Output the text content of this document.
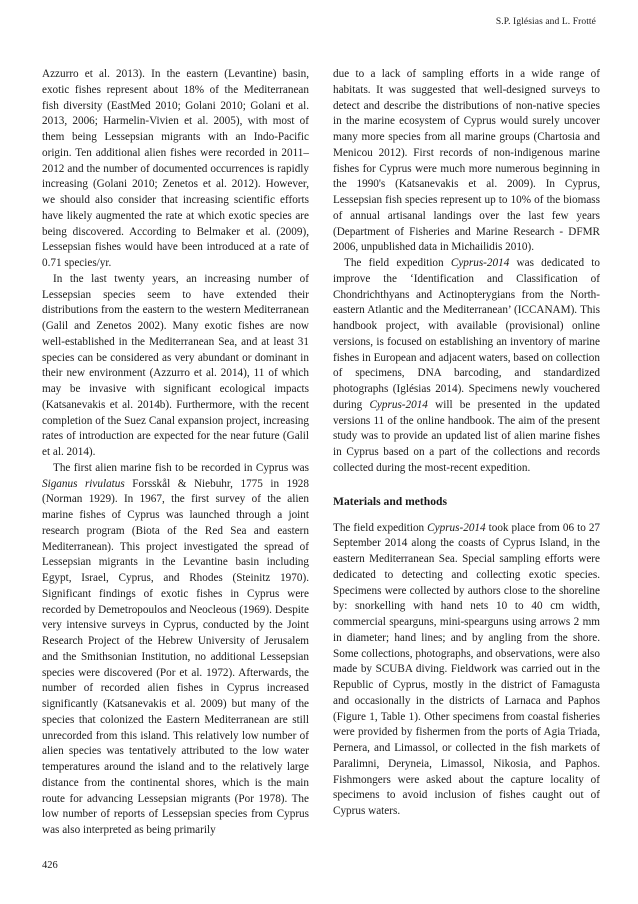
S.P. Iglésias and L. Frotté

Azzurro et al. 2013). In the eastern (Levantine) basin, exotic fishes represent about 18% of the Mediterranean fish diversity (EastMed 2010; Golani 2010; Golani et al. 2013, 2006; Harmelin-Vivien et al. 2005), with most of them being Lessepsian migrants with an Indo-Pacific origin. Ten additional alien fishes were recorded in 2011–2012 and the number of documented occurrences is rapidly increasing (Golani 2010; Zenetos et al. 2012). However, we should also consider that increasing scientific efforts have likely augmented the rate at which exotic species are being discovered. According to Belmaker et al. (2009), Lessepsian fishes would have been introduced at a rate of 0.71 species/yr.

In the last twenty years, an increasing number of Lessepsian species seem to have extended their distributions from the eastern to the western Mediterranean (Galil and Zenetos 2002). Many exotic fishes are now well-established in the Mediterranean Sea, and at least 31 species can be considered as very abundant or dominant in their new environment (Azzurro et al. 2014), 11 of which may be invasive with significant ecological impacts (Katsanevakis et al. 2014b). Furthermore, with the recent completion of the Suez Canal expansion project, increasing rates of introduction are expected for the near future (Galil et al. 2014).

The first alien marine fish to be recorded in Cyprus was Siganus rivulatus Forsskål & Niebuhr, 1775 in 1928 (Norman 1929). In 1967, the first survey of the alien marine fishes of Cyprus was launched through a joint research program (Biota of the Red Sea and eastern Mediterranean). This project investigated the spread of Lessepsian migrants in the Levantine basin including Egypt, Israel, Cyprus, and Rhodes (Steinitz 1970). Significant findings of exotic fishes in Cyprus were recorded by Demetropoulos and Neocleous (1969). Despite very intensive surveys in Cyprus, conducted by the Joint Research Project of the Hebrew University of Jerusalem and the Smithsonian Institution, no additional Lessepsian species were discovered (Por et al. 1972). Afterwards, the number of recorded alien fishes in Cyprus increased significantly (Katsanevakis et al. 2009) but many of the species that colonized the Eastern Mediterranean are still unrecorded from this island. This relatively low number of alien species was tentatively attributed to the low water temperatures around the island and to the relatively large distance from the continental shores, which is the main route for advancing Lessepsian migrants (Por 1978). The low number of reports of Lessepsian species from Cyprus was also interpreted as being primarily

due to a lack of sampling efforts in a wide range of habitats. It was suggested that well-designed surveys to detect and describe the distributions of non-native species in the marine ecosystem of Cyprus would surely uncover many more species from all marine groups (Chartosia and Menicou 2012). First records of non-indigenous marine fishes for Cyprus were much more numerous beginning in the 1990's (Katsanevakis et al. 2009). In Cyprus, Lessepsian fish species represent up to 10% of the biomass of annual artisanal landings over the last few years (Department of Fisheries and Marine Research - DFMR 2006, unpublished data in Michailidis 2010).

The field expedition Cyprus-2014 was dedicated to improve the ‘Identification and Classification of Chondrichthyans and Actinopterygians from the North-eastern Atlantic and the Mediterranean’ (ICCANAM). This handbook project, with available (provisional) online versions, is focused on establishing an inventory of marine fishes in European and adjacent waters, based on collection of specimens, DNA barcoding, and standardized photographs (Iglésias 2014). Specimens newly vouchered during Cyprus-2014 will be presented in the updated versions 11 of the online handbook. The aim of the present study was to provide an updated list of alien marine fishes in Cyprus based on a part of the collections and records collected during the most-recent expedition.

Materials and methods

The field expedition Cyprus-2014 took place from 06 to 27 September 2014 along the coasts of Cyprus Island, in the eastern Mediterranean Sea. Special sampling efforts were dedicated to detecting and collecting exotic species. Specimens were collected by authors close to the shoreline by: snorkelling with hand nets 10 to 40 cm width, commercial spearguns, mini-spearguns using arrows 2 mm in diameter; hand lines; and by angling from the shore. Some collections, photographs, and observations, were also made by SCUBA diving. Fieldwork was carried out in the Republic of Cyprus, mostly in the district of Famagusta and occasionally in the districts of Larnaca and Paphos (Figure 1, Table 1). Other specimens from coastal fisheries were provided by fishermen from the ports of Agia Triada, Pernera, and Limassol, or collected in the fish markets of Paralimni, Deryneia, Limassol, Nikosia, and Paphos. Fishmongers were asked about the capture locality of specimens to avoid inclusion of fishes caught out of Cyprus waters.

426
